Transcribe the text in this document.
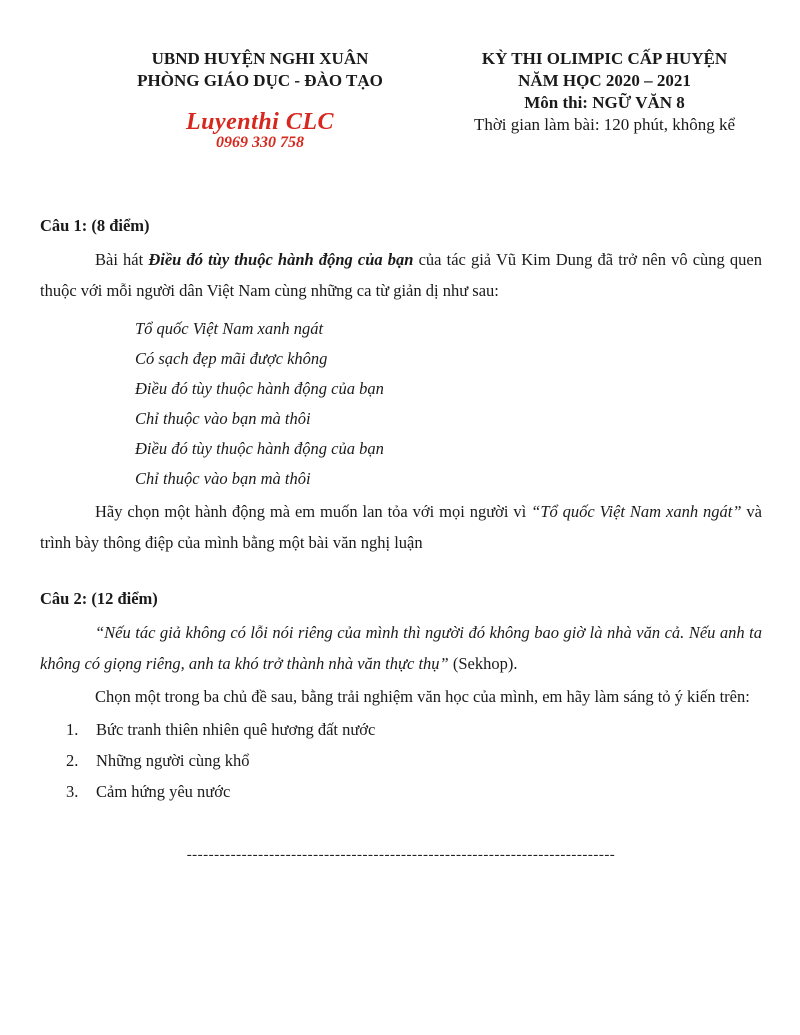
UBND HUYỆN NGHI XUÂN
PHÒNG GIÁO DỤC - ĐÀO TẠO
Luyenthi CLC
0969 330 758
KỲ THI OLIMPIC CẤP HUYỆN
NĂM HỌC 2020 – 2021
Môn thi: NGỮ VĂN 8
Thời gian làm bài: 120 phút, không kể
Câu 1: (8 điểm)
Bài hát Điều đó tùy thuộc hành động của bạn của tác giả Vũ Kim Dung đã trở nên vô cùng quen thuộc với mỗi người dân Việt Nam cùng những ca từ giản dị như sau:
Tổ quốc Việt Nam xanh ngát
Có sạch đẹp mãi được không
Điều đó tùy thuộc hành động của bạn
Chỉ thuộc vào bạn mà thôi
Điều đó tùy thuộc hành động của bạn
Chỉ thuộc vào bạn mà thôi
Hãy chọn một hành động mà em muốn lan tỏa với mọi người vì “Tổ quốc Việt Nam xanh ngát” và trình bày thông điệp của mình bằng một bài văn nghị luận
Câu 2: (12 điểm)
“Nếu tác giả không có lỗi nói riêng của mình thì người đó không bao giờ là nhà văn cả. Nếu anh ta không có giọng riêng, anh ta khó trở thành nhà văn thực thụ” (Sekhop).
Chọn một trong ba chủ đề sau, bằng trải nghiệm văn học của mình, em hãy làm sáng tỏ ý kiến trên:
1.	Bức tranh thiên nhiên quê hương đất nước
2.	Những người cùng khổ
3.	Cảm hứng yêu nước
------------------------------------------------------------------------------
